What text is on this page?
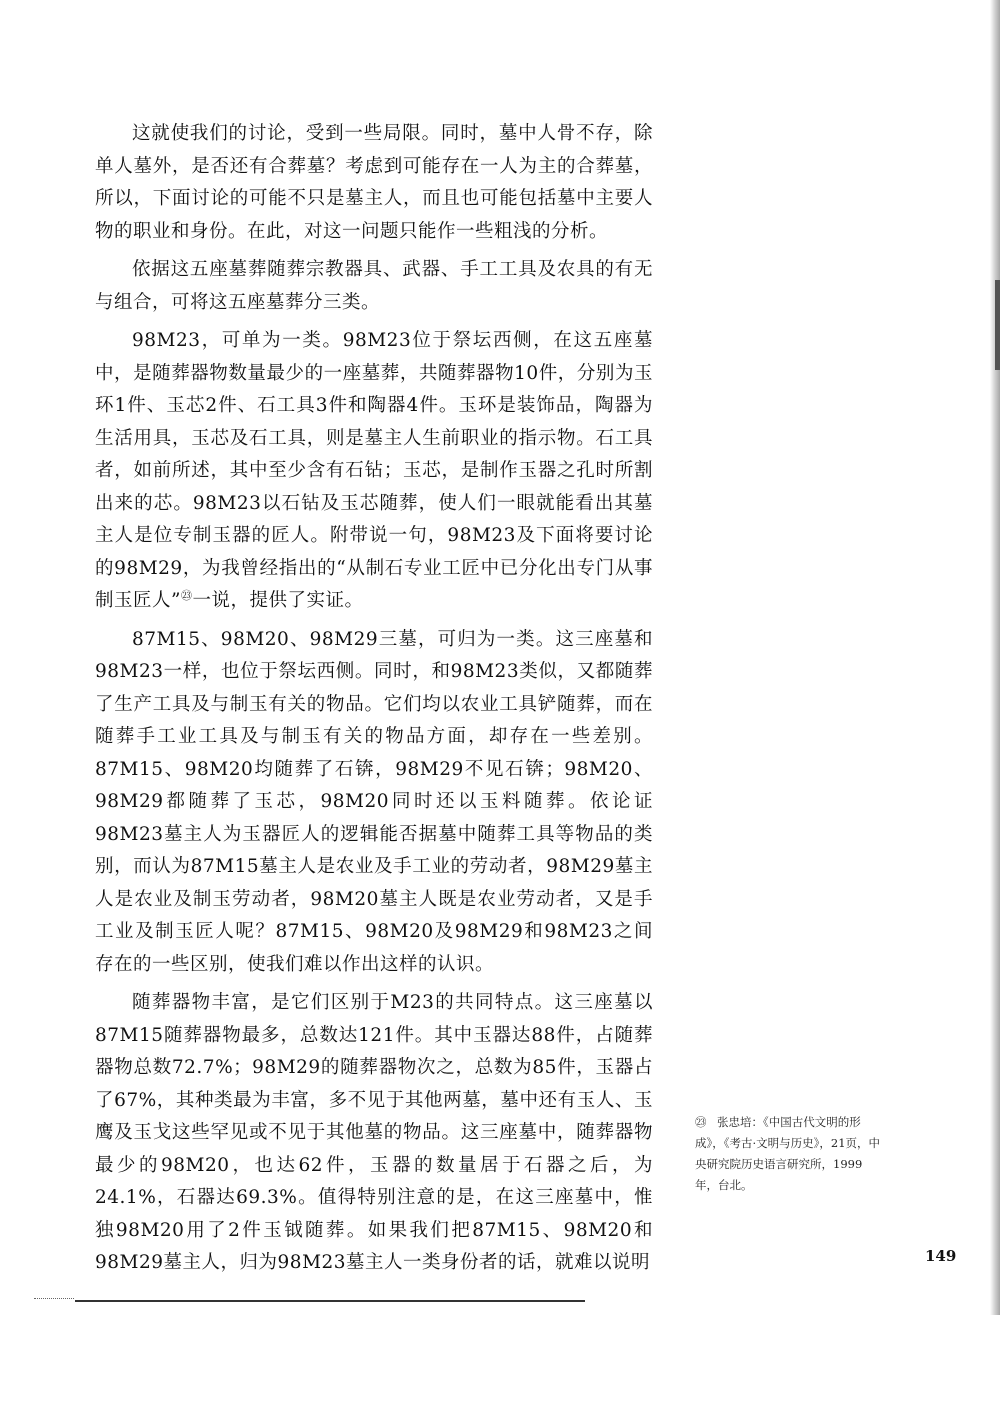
这就使我们的讨论，受到一些局限。同时，墓中人骨不存，除单人墓外，是否还有合葬墓？考虑到可能存在一人为主的合葬墓，所以，下面讨论的可能不只是墓主人，而且也可能包括墓中主要人物的职业和身份。在此，对这一问题只能作一些粗浅的分析。

依据这五座墓葬随葬宗教器具、武器、手工工具及农具的有无与组合，可将这五座墓葬分三类。

98M23，可单为一类。98M23位于祭坛西侧，在这五座墓中，是随葬器物数量最少的一座墓葬，共随葬器物10件，分别为玉环1件、玉芯2件、石工具3件和陶器4件。玉环是装饰品，陶器为生活用具，玉芯及石工具，则是墓主人生前职业的指示物。石工具者，如前所述，其中至少含有石钻；玉芯，是制作玉器之孔时所割出来的芯。98M23以石钻及玉芯随葬，使人们一眼就能看出其墓主人是位专制玉器的匠人。附带说一句，98M23及下面将要讨论的98M29，为我曾经指出的“从制石专业工匠中已分化出专门从事制玉匠人”$^㉓$一说，提供了实证。

87M15、98M20、98M29三墓，可归为一类。这三座墓和98M23一样，也位于祭坛西侧。同时，和98M23类似，又都随葬了生产工具及与制玉有关的物品。它们均以农业工具铲随葬，而在随葬手工业工具及与制玉有关的物品方面，却存在一些差别。87M15、98M20均随葬了石锛，98M29不见石锛；98M20、98M29都随葬了玉芯，98M20同时还以玉料随葬。依论证98M23墓主人为玉器匠人的逻辑能否据墓中随葬工具等物品的类别，而认为87M15墓主人是农业及手工业的劳动者，98M29墓主人是农业及制玉劳动者，98M20墓主人既是农业劳动者，又是手工业及制玉匠人呢？87M15、98M20及98M29和98M23之间存在的一些区别，使我们难以作出这样的认识。

随葬器物丰富，是它们区别于M23的共同特点。这三座墓以87M15随葬器物最多，总数达121件。其中玉器达88件，占随葬器物总数72.7%；98M29的随葬器物次之，总数为85件，玉器占了67%，其种类最为丰富，多不见于其他两墓，墓中还有玉人、玉鹰及玉戈这些罕见或不见于其他墓的物品。这三座墓中，随葬器物最少的98M20，也达62件，玉器的数量居于石器之后，为24.1%，石器达69.3%。值得特别注意的是，在这三座墓中，惟独98M20用了2件玉钺随葬。如果我们把87M15、98M20和98M29墓主人，归为98M23墓主人一类身份者的话，就难以说明

㉓ 张忠培：《中国古代文明的形成》，《考古·文明与历史》，21页，中央研究院历史语言研究所，1999年，台北。
149
